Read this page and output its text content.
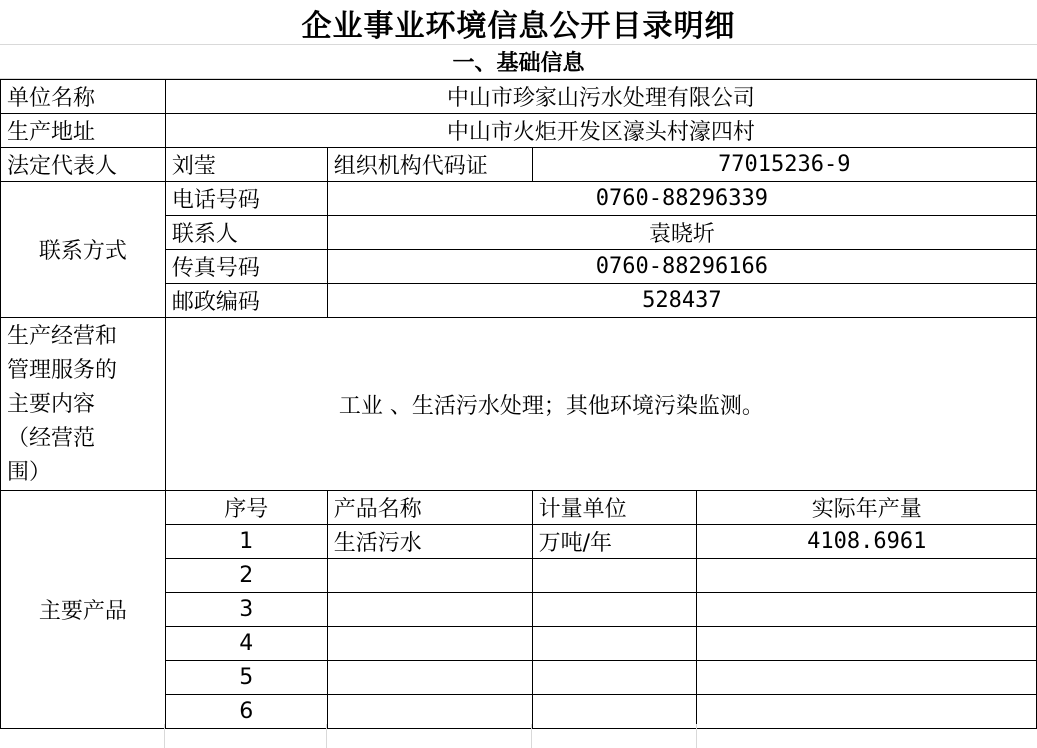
企业事业环境信息公开目录明细
一、基础信息
单位名称	中山市珍家山污水处理有限公司			
生产地址	中山市火炬开发区濠头村濠四村			
法定代表人	刘莹	组织机构代码证	77015236-9	
联系方式	电话号码	0760-88296339		
	联系人	袁晓圻		
	传真号码	0760-88296166		
	邮政编码	528437		

生产经营和
管理服务的
主要内容
（经营范
围）	工业 、生活污水处理；其他环境污染监测。			
主要产品	序号	产品名称	计量单位	实际年产量
	1	生活污水	万吨/年	4108.6961
	2			
	3			
	4			
	5			
	6			
